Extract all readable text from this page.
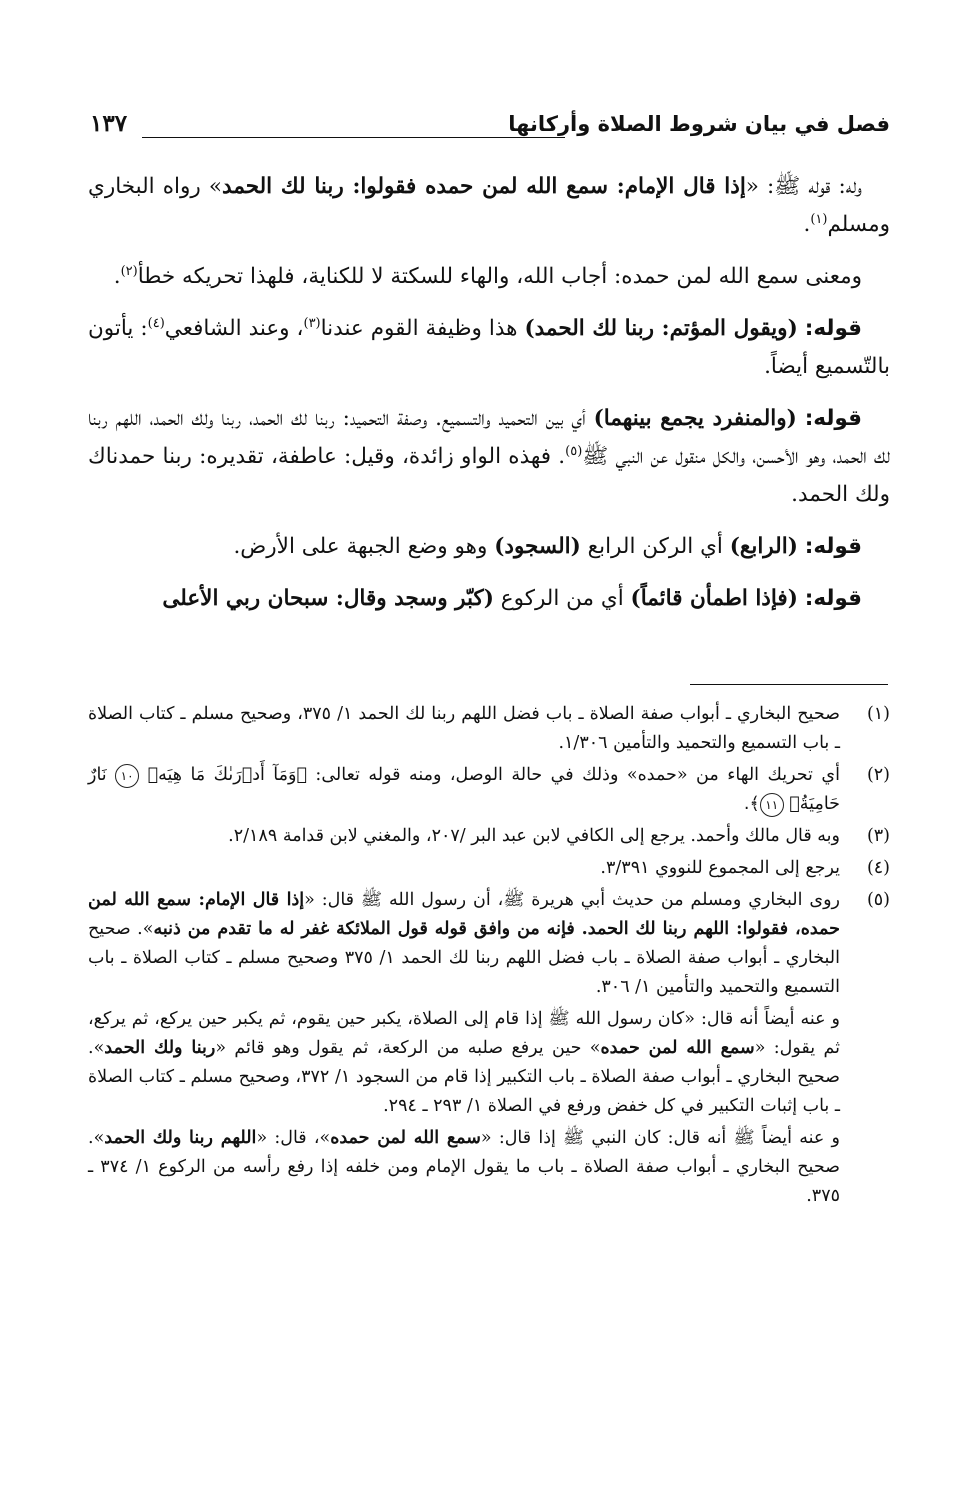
فصل في بيان شروط الصلاة وأركانها
١٣٧

وله: قوله ﷺ: «إذا قال الإمام: سمع الله لمن حمده فقولوا: ربنا لك الحمد» رواه البخاري ومسلم$^{(١)}$.

ومعنى سمع الله لمن حمده: أجاب الله، والهاء للسكتة لا للكناية، فلهذا تحريكه خطأ$^{(٢)}$.

قوله: (ويقول المؤتم: ربنا لك الحمد) هذا وظيفة القوم عندنا$^{(٣)}$، وعند الشافعي$^{(٤)}$: يأتون بالتّسميع أيضاً.

قوله: (والمنفرد يجمع بينهما) أي بين التحميد والتسميع. وصفة التحميد: ربنا لك الحمد، ربنا ولك الحمد، اللهم ربنا لك الحمد، وهو الأحسن، والكل منقول عن النبي ﷺ$^{(٥)}$. فهذه الواو زائدة، وقيل: عاطفة، تقديره: ربنا حمدناك ولك الحمد.

قوله: (الرابع) أي الركن الرابع (السجود) وهو وضع الجبهة على الأرض.

قوله: (فإذا اطمأن قائماً) أي من الركوع (كبّر وسجد وقال: سبحان ربي الأعلى

(١)
صحيح البخاري ـ أبواب صفة الصلاة ـ باب فضل اللهم ربنا لك الحمد ١/ ٣٧٥، وصحيح مسلم ـ كتاب الصلاة ـ باب التسميع والتحميد والتأمين ١/٣٠٦.
(٢)
أي تحريك الهاء من «حمده» وذلك في حالة الوصل، ومنه قوله تعالى: ﴿وَمَآ أَدۡرَىٰكَ مَا هِيَهۡ ١٠ نَارٌ حَامِيَةُۢ ١١﴾.
(٣)
وبه قال مالك وأحمد. يرجع إلى الكافي لابن عبد البر /٢٠٧، والمغني لابن قدامة ٢/١٨٩.
(٤)
يرجع إلى المجموع للنووي ٣/٣٩١.
(٥)
روى البخاري ومسلم من حديث أبي هريرة ﷺ، أن رسول الله ﷺ قال: «إذا قال الإمام: سمع الله لمن حمده، فقولوا: اللهم ربنا لك الحمد. فإنه من وافق قوله قول الملائكة غفر له ما تقدم من ذنبه». صحيح البخاري ـ أبواب صفة الصلاة ـ باب فضل اللهم ربنا لك الحمد ١/ ٣٧٥ وصحيح مسلم ـ كتاب الصلاة ـ باب التسميع والتحميد والتأمين ١/ ٣٠٦.
و عنه أيضاً أنه قال: «كان رسول الله ﷺ إذا قام إلى الصلاة، يكبر حين يقوم، ثم يكبر حين يركع، ثم يركع، ثم يقول: «سمع الله لمن حمده» حين يرفع صلبه من الركعة، ثم يقول وهو قائم «ربنا ولك الحمد». صحيح البخاري ـ أبواب صفة الصلاة ـ باب التكبير إذا قام من السجود ١/ ٣٧٢، وصحيح مسلم ـ كتاب الصلاة ـ باب إثبات التكبير في كل خفض ورفع في الصلاة ١/ ٢٩٣ ـ ٢٩٤.
و عنه أيضاً ﷺ أنه قال: كان النبي ﷺ إذا قال: «سمع الله لمن حمده»، قال: «اللهم ربنا ولك الحمد». صحيح البخاري ـ أبواب صفة الصلاة ـ باب ما يقول الإمام ومن خلفه إذا رفع رأسه من الركوع ١/ ٣٧٤ ـ ٣٧٥.
